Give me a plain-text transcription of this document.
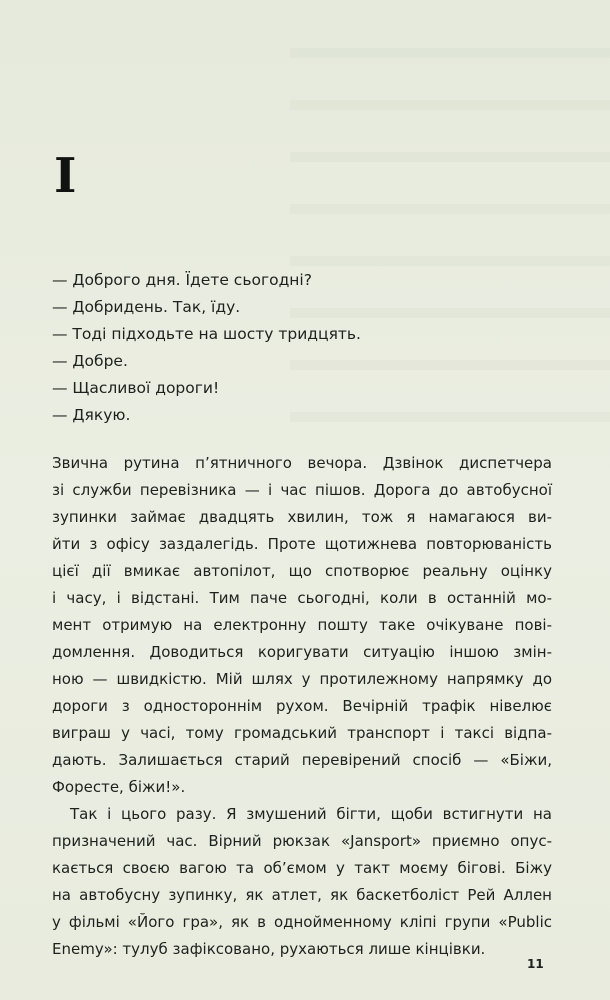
I
— Доброго дня. Їдете сьогодні?
— Добридень. Так, їду.
— Тоді підходьте на шосту тридцять.
— Добре.
— Щасливої дороги!
— Дякую.

Звична рутина п’ятничного вечора. Дзвінок диспетчера
зі служби перевізника — і час пішов. Дорога до автобусної
зупинки займає двадцять хвилин, тож я намагаюся ви-
йти з офісу заздалегідь. Проте щотижнева повторюваність
цієї дії вмикає автопілот, що спотворює реальну оцінку
і часу, і відстані. Тим паче сьогодні, коли в останній мо-
мент отримую на електронну пошту таке очікуване пові-
домлення. Доводиться коригувати ситуацію іншою змін-
ною — швидкістю. Мій шлях у протилежному напрямку до
дороги з одностороннім рухом. Вечірній трафік нівелює
виграш у часі, тому громадський транспорт і таксі відпа-
дають. Залишається старий перевірений спосіб — «Біжи,
Форесте, біжи!».

Так і цього разу. Я змушений бігти, щоби встигнути на
призначений час. Вірний рюкзак «Jansport» приємно опус-
кається своєю вагою та об’ємом у такт моєму бігові. Біжу
на автобусну зупинку, як атлет, як баскетболіст Рей Аллен
у фільмі «Його гра», як в однойменному кліпі групи «Public
Enemy»: тулуб зафіксовано, рухаються лише кінцівки.

11
